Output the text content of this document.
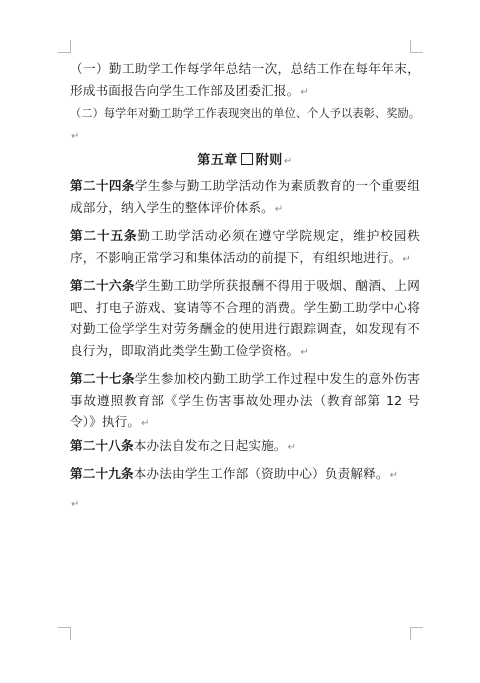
（一）勤工助学工作每学年总结一次，总结工作在每年年末，形成书面报告向学生工作部及团委汇报。↵

（二）每学年对勤工助学工作表现突出的单位、个人予以表彰、奖励。↵

第五章 附则↵

第二十四条学生参与勤工助学活动作为素质教育的一个重要组成部分，纳入学生的整体评价体系。↵

第二十五条勤工助学活动必须在遵守学院规定，维护校园秩序，不影响正常学习和集体活动的前提下，有组织地进行。↵

第二十六条学生勤工助学所获报酬不得用于吸烟、酗酒、上网吧、打电子游戏、宴请等不合理的消费。学生勤工助学中心将对勤工俭学学生对劳务酬金的使用进行跟踪调查，如发现有不良行为，即取消此类学生勤工俭学资格。↵

第二十七条学生参加校内勤工助学工作过程中发生的意外伤害事故遵照教育部《学生伤害事故处理办法（教育部第 12 号令）》执行。↵

第二十八条本办法自发布之日起实施。↵

第二十九条本办法由学生工作部（资助中心）负责解释。↵

↵
